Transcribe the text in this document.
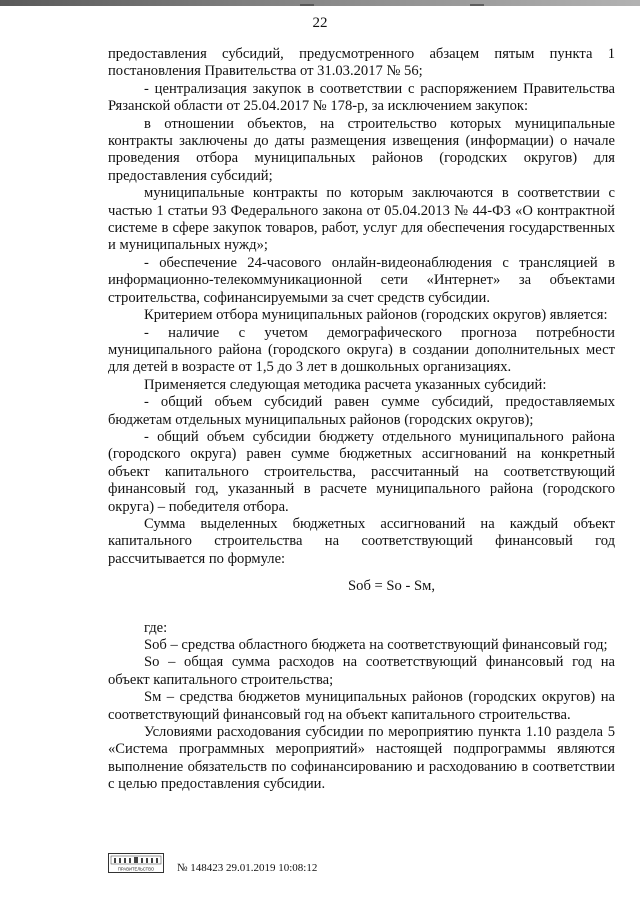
22

предоставления субсидий, предусмотренного абзацем пятым пункта 1 постановления Правительства от 31.03.2017 № 56;

- централизация закупок в соответствии с распоряжением Правительства Рязанской области от 25.04.2017 № 178-р, за исключением закупок:

в отношении объектов, на строительство которых муниципальные контракты заключены до даты размещения извещения (информации) о начале проведения отбора муниципальных районов (городских округов) для предоставления субсидий;

муниципальные контракты по которым заключаются в соответствии с частью 1 статьи 93 Федерального закона от 05.04.2013 № 44-ФЗ «О контрактной системе в сфере закупок товаров, работ, услуг для обеспечения государственных и муниципальных нужд»;

- обеспечение 24-часового онлайн-видеонаблюдения с трансляцией в информационно-телекоммуникационной сети «Интернет» за объектами строительства, софинансируемыми за счет средств субсидии.

Критерием отбора муниципальных районов (городских округов) является:

- наличие с учетом демографического прогноза потребности муниципального района (городского округа) в создании дополнительных мест для детей в возрасте от 1,5 до 3 лет в дошкольных организациях.

Применяется следующая методика расчета указанных субсидий:

- общий объем субсидий равен сумме субсидий, предоставляемых бюджетам отдельных муниципальных районов (городских округов);

- общий объем субсидии бюджету отдельного муниципального района (городского округа) равен сумме бюджетных ассигнований на конкретный объект капитального строительства, рассчитанный на соответствующий финансовый год, указанный в расчете муниципального района (городского округа) – победителя отбора.

Сумма выделенных бюджетных ассигнований на каждый объект капитального строительства на соответствующий финансовый год рассчитывается по формуле:

Sоб = Sо - Sм,

где:

Sоб – средства областного бюджета на соответствующий финансовый год;

Sо – общая сумма расходов на соответствующий финансовый год на объект капитального строительства;

Sм – средства бюджетов муниципальных районов (городских округов) на соответствующий финансовый год на объект капитального строительства.

Условиями расходования субсидии по мероприятию пункта 1.10 раздела 5 «Система программных мероприятий» настоящей подпрограммы являются выполнение обязательств по софинансированию и расходованию в соответствии с целью предоставления субсидии.

ПРАВИТЕЛЬСТВО № 148423 29.01.2019 10:08:12
